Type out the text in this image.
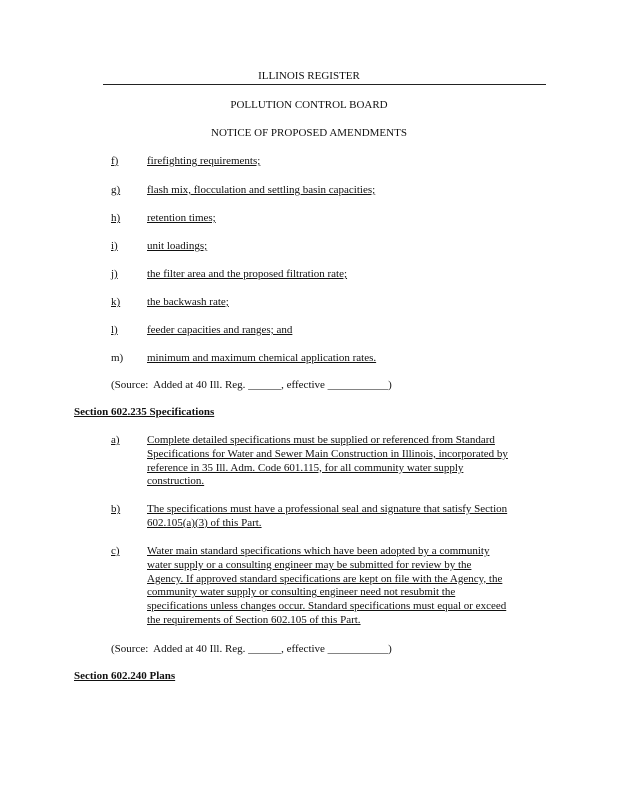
ILLINOIS REGISTER
POLLUTION CONTROL BOARD
NOTICE OF PROPOSED AMENDMENTS
f)	firefighting requirements;
g) flash mix, flocculation and settling basin capacities;
h) retention times;
i)	unit loadings;
j)	the filter area and the proposed filtration rate;
k) the backwash rate;
l)	feeder capacities and ranges; and
m) minimum and maximum chemical application rates.
(Source:  Added at 40 Ill. Reg. ______, effective ___________)
Section 602.235 Specifications
a) Complete detailed specifications must be supplied or referenced from Standard
Specifications for Water and Sewer Main Construction in Illinois, incorporated by
reference in 35 Ill. Adm. Code 601.115, for all community water supply
construction.
b) The specifications must have a professional seal and signature that satisfy Section
602.105(a)(3) of this Part.
c) Water main standard specifications which have been adopted by a community
water supply or a consulting engineer may be submitted for review by the
Agency. If approved standard specifications are kept on file with the Agency, the
community water supply or consulting engineer need not resubmit the
specifications unless changes occur. Standard specifications must equal or exceed
the requirements of Section 602.105 of this Part.
(Source:  Added at 40 Ill. Reg. ______, effective ___________)
Section 602.240 Plans
